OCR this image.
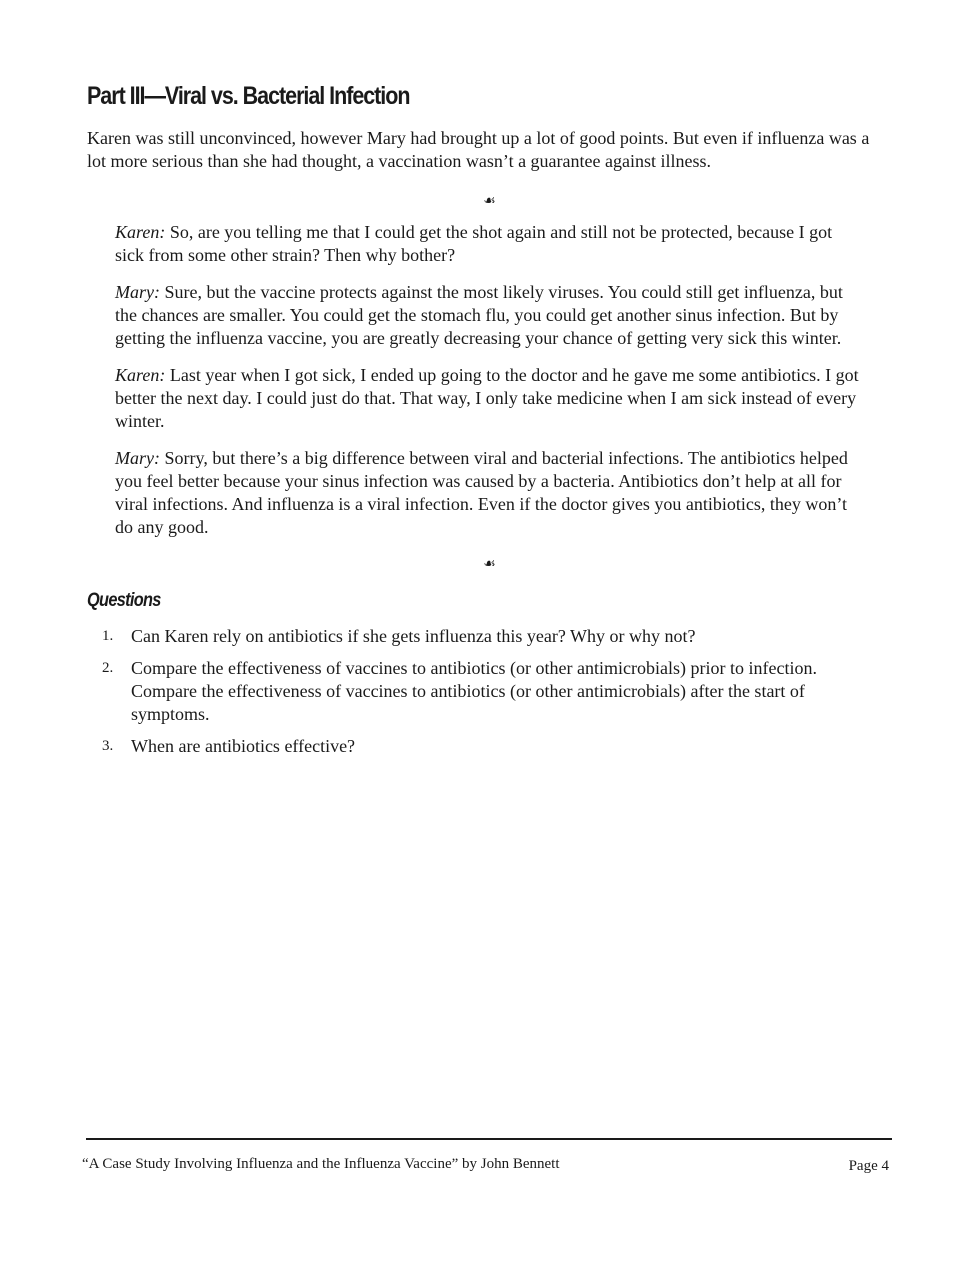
Part III—Viral vs. Bacterial Infection

Karen was still unconvinced, however Mary had brought up a lot of good points. But even if influenza was a lot more serious than she had thought, a vaccination wasn’t a guarantee against illness.

☙

Karen: So, are you telling me that I could get the shot again and still not be protected, because I got sick from some other strain? Then why bother?

Mary: Sure, but the vaccine protects against the most likely viruses. You could still get influenza, but the chances are smaller. You could get the stomach flu, you could get another sinus infection. But by getting the influenza vaccine, you are greatly decreasing your chance of getting very sick this winter.

Karen: Last year when I got sick, I ended up going to the doctor and he gave me some antibiotics. I got better the next day. I could just do that. That way, I only take medicine when I am sick instead of every winter.

Mary: Sorry, but there’s a big difference between viral and bacterial infections. The antibiotics helped you feel better because your sinus infection was caused by a bacteria. Antibiotics don’t help at all for viral infections. And influenza is a viral infection. Even if the doctor gives you antibiotics, they won’t do any good.

☙
Questions
1. Can Karen rely on antibiotics if she gets influenza this year? Why or why not?
2. Compare the effectiveness of vaccines to antibiotics (or other antimicrobials) prior to infection. Compare the effectiveness of vaccines to antibiotics (or other antimicrobials) after the start of symptoms.
3. When are antibiotics effective?
“A Case Study Involving Influenza and the Influenza Vaccine” by John Bennett	Page 4
